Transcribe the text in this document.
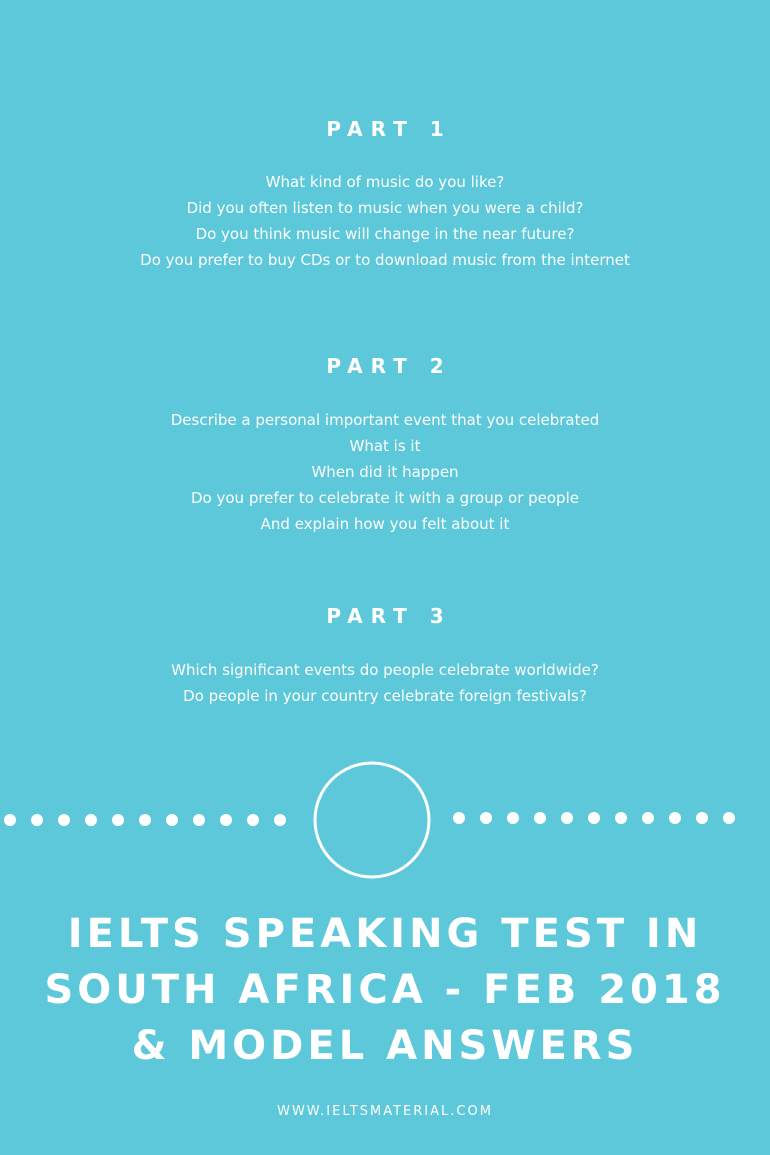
PART 1
What kind of music do you like?
Did you often listen to music when you were a child?
Do you think music will change in the near future?
Do you prefer to buy CDs or to download music from the internet
PART 2
Describe a personal important event that you celebrated
What is it
When did it happen
Do you prefer to celebrate it with a group or people
And explain how you felt about it
PART 3
Which significant events do people celebrate worldwide?
Do people in your country celebrate foreign festivals?
IELTS SPEAKING TEST IN
SOUTH AFRICA - FEB 2018
& MODEL ANSWERS

WWW.IELTSMATERIAL.COM
